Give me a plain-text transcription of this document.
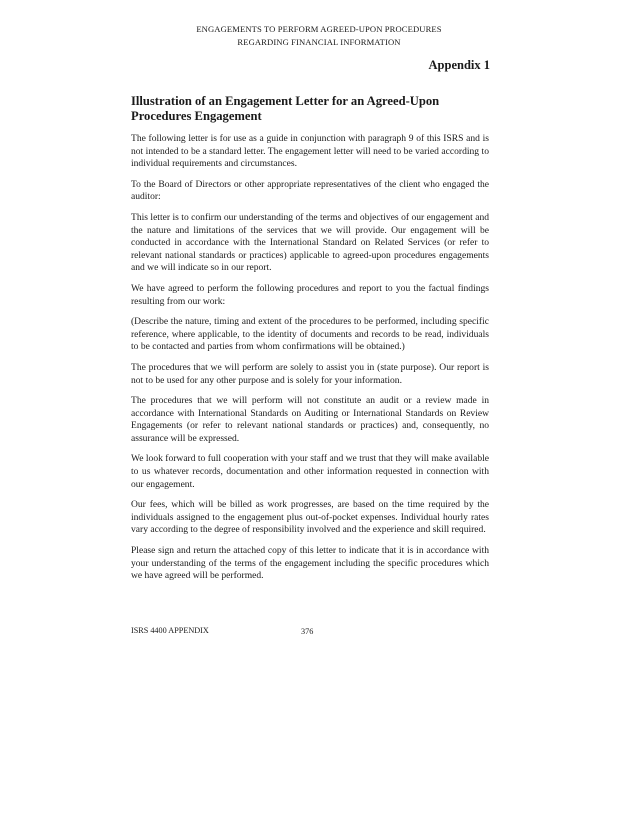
ENGAGEMENTS TO PERFORM AGREED-UPON PROCEDURES
REGARDING FINANCIAL INFORMATION
Appendix 1
Illustration of an Engagement Letter for an Agreed-Upon Procedures Engagement

The following letter is for use as a guide in conjunction with paragraph 9 of this ISRS and is not intended to be a standard letter. The engagement letter will need to be varied according to individual requirements and circumstances.

To the Board of Directors or other appropriate representatives of the client who engaged the auditor:

This letter is to confirm our understanding of the terms and objectives of our engagement and the nature and limitations of the services that we will provide. Our engagement will be conducted in accordance with the International Standard on Related Services (or refer to relevant national standards or practices) applicable to agreed-upon procedures engagements and we will indicate so in our report.

We have agreed to perform the following procedures and report to you the factual findings resulting from our work:

(Describe the nature, timing and extent of the procedures to be performed, including specific reference, where applicable, to the identity of documents and records to be read, individuals to be contacted and parties from whom confirmations will be obtained.)

The procedures that we will perform are solely to assist you in (state purpose). Our report is not to be used for any other purpose and is solely for your information.

The procedures that we will perform will not constitute an audit or a review made in accordance with International Standards on Auditing or International Standards on Review Engagements (or refer to relevant national standards or practices) and, consequently, no assurance will be expressed.

We look forward to full cooperation with your staff and we trust that they will make available to us whatever records, documentation and other information requested in connection with our engagement.

Our fees, which will be billed as work progresses, are based on the time required by the individuals assigned to the engagement plus out-of-pocket expenses. Individual hourly rates vary according to the degree of responsibility involved and the experience and skill required.

Please sign and return the attached copy of this letter to indicate that it is in accordance with your understanding of the terms of the engagement including the specific procedures which we have agreed will be performed.

ISRS 4400 APPENDIX	376
